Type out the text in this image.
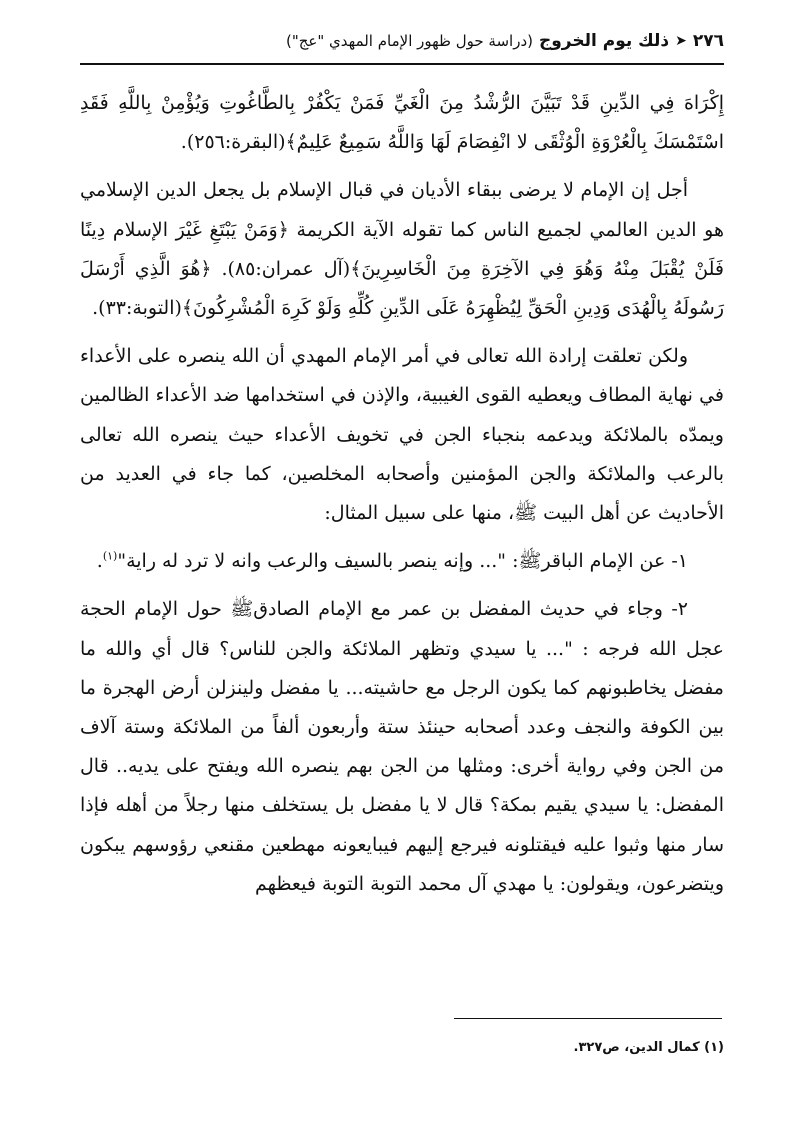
٢٧٦
➤
ذلك يوم الخروج
(دراسة حول ظهور الإمام المهدي "عج")

إِكْرَاهَ فِي الدِّينِ قَدْ تَبَيَّنَ الرُّشْدُ مِنَ الْغَيِّ فَمَنْ يَكْفُرْ بِالطَّاغُوتِ وَيُؤْمِنْ بِاللَّهِ فَقَدِ اسْتَمْسَكَ بِالْعُرْوَةِ الْوُثْقَى لا انْفِصَامَ لَهَا وَاللَّهُ سَمِيعٌ عَلِيمٌ﴾(البقرة:٢٥٦).

أجل إن الإمام لا يرضى ببقاء الأديان في قبال الإسلام بل يجعل الدين الإسلامي هو الدين العالمي لجميع الناس كما تقوله الآية الكريمة ﴿وَمَنْ يَبْتَغِ غَيْرَ الإسلام دِينًا فَلَنْ يُقْبَلَ مِنْهُ وَهُوَ فِي الآخِرَةِ مِنَ الْخَاسِرِينَ﴾(آل عمران:٨٥). ﴿هُوَ الَّذِي أَرْسَلَ رَسُولَهُ بِالْهُدَى وَدِينِ الْحَقِّ لِيُظْهِرَهُ عَلَى الدِّينِ كُلِّهِ وَلَوْ كَرِهَ الْمُشْرِكُونَ﴾(التوبة:٣٣).

ولكن تعلقت إرادة الله تعالى في أمر الإمام المهدي أن الله ينصره على الأعداء في نهاية المطاف ويعطيه القوى الغيبية، والإذن في استخدامها ضد الأعداء الظالمين ويمدّه بالملائكة ويدعمه بنجباء الجن في تخويف الأعداء حيث ينصره الله تعالى بالرعب والملائكة والجن المؤمنين وأصحابه المخلصين، كما جاء في العديد من الأحاديث عن أهل البيت ﷺ، منها على سبيل المثال:

١- عن الإمام الباقرﷺ: "... وإنه ينصر بالسيف والرعب وانه لا ترد له راية"$^{(١)}$.

٢- وجاء في حديث المفضل بن عمر مع الإمام الصادقﷺ حول الإمام الحجة عجل الله فرجه : "... يا سيدي وتظهر الملائكة والجن للناس؟ قال أي والله ما مفضل يخاطبونهم كما يكون الرجل مع حاشيته... يا مفضل ولينزلن أرض الهجرة ما بين الكوفة والنجف وعدد أصحابه حينئذ ستة وأربعون ألفاً من الملائكة وستة آلاف من الجن وفي رواية أخرى: ومثلها من الجن بهم ينصره الله ويفتح على يديه.. قال المفضل: يا سيدي يقيم بمكة؟ قال لا يا مفضل بل يستخلف منها رجلاً من أهله فإذا سار منها وثبوا عليه فيقتلونه فيرجع إليهم فيبايعونه مهطعين مقنعي رؤوسهم يبكون ويتضرعون، ويقولون: يا مهدي آل محمد التوبة التوبة فيعظهم

(١) كمال الدين، ص٣٢٧.
